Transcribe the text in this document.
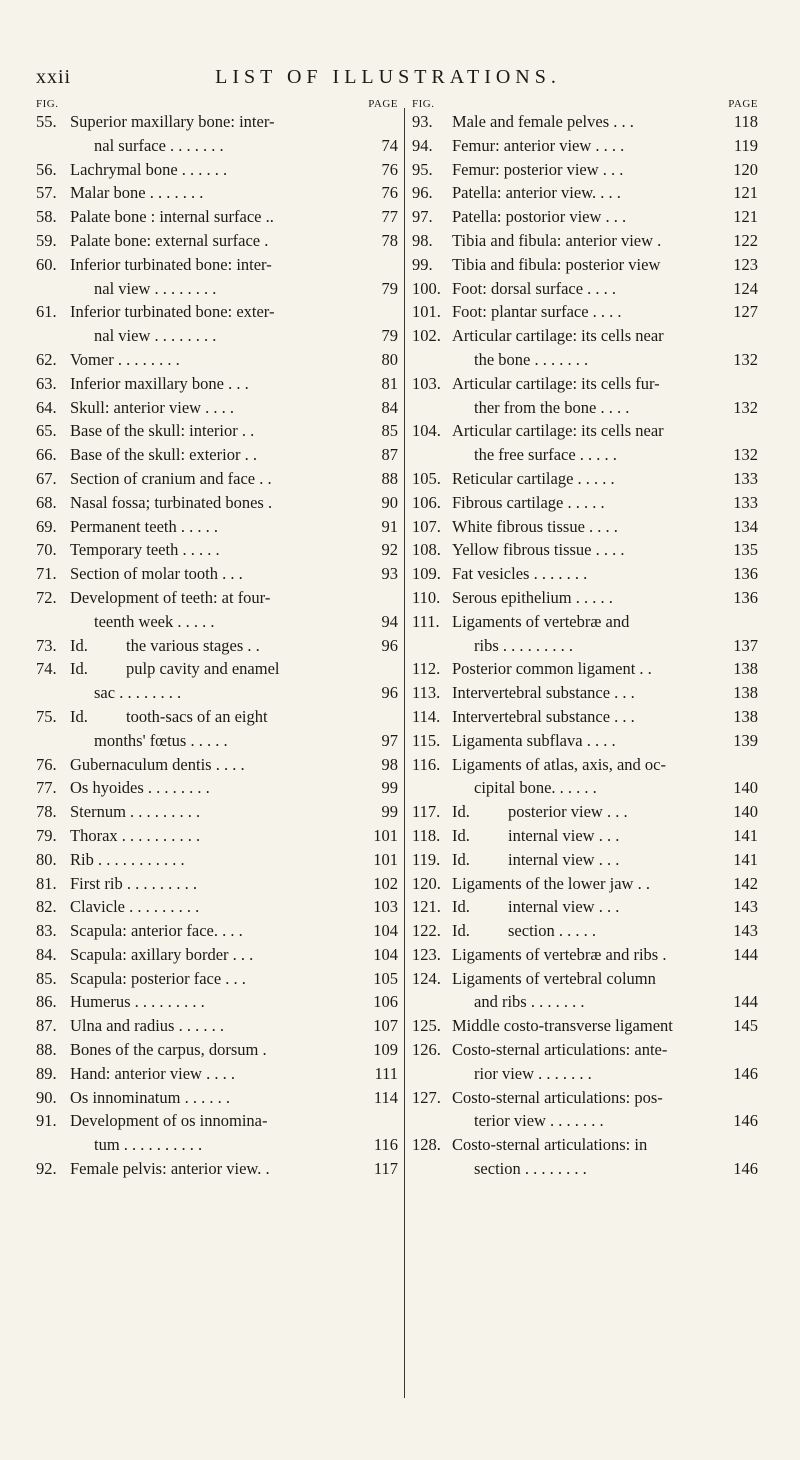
xxii	LIST OF ILLUSTRATIONS.
FIG.	PAGE
55. Superior maxillary bone: inter-
nal surface . . . . . . .	74
56. Lachrymal bone . . . . . .	76
57. Malar bone . . . . . . .	76
58. Palate bone : internal surface ..	77
59. Palate bone: external surface .	78
60. Inferior turbinated bone: inter-
nal view . . . . . . . .	79
61. Inferior turbinated bone: exter-
nal view . . . . . . . .	79
62. Vomer . . . . . . . .	80
63. Inferior maxillary bone . . .	81
64. Skull: anterior view . . . .	84
65. Base of the skull: interior . .	85
66. Base of the skull: exterior . .	87
67. Section of cranium and face . .	88
68. Nasal fossa; turbinated bones .	90
69. Permanent teeth . . . . .	91
70. Temporary teeth . . . . .	92
71. Section of molar tooth . . .	93
72. Development of teeth: at four-
teenth week . . . . .	94
73. Id. the various stages . .	96
74. Id. pulp cavity and enamel
sac . . . . . . . .	96
75. Id. tooth-sacs of an eight
months' fœtus . . . . .	97
76. Gubernaculum dentis . . . .	98
77. Os hyoides . . . . . . . .	99
78. Sternum . . . . . . . . .	99
79. Thorax . . . . . . . . . .	101
80. Rib . . . . . . . . . . .	101
81. First rib . . . . . . . . .	102
82. Clavicle . . . . . . . . .	103
83. Scapula: anterior face. . . .	104
84. Scapula: axillary border . . .	104
85. Scapula: posterior face . . .	105
86. Humerus . . . . . . . . .	106
87. Ulna and radius . . . . . .	107
88. Bones of the carpus, dorsum .	109
89. Hand: anterior view . . . .	111
90. Os innominatum . . . . . .	114
91. Development of os innomina-
tum . . . . . . . . . .	116
92. Female pelvis: anterior view. .	117
FIG.	PAGE
93.	Male and female pelves . . .	118
94.	Femur: anterior view . . . .	119
95.	Femur: posterior view . . .	120
96.	Patella: anterior view. . . .	121
97.	Patella: postorior view . . .	121
98.	Tibia and fibula: anterior view .	122
99.	Tibia and fibula: posterior view	123
100. Foot: dorsal surface . . . .	124
101. Foot: plantar surface . . . .	127
102. Articular cartilage: its cells near
the bone . . . . . . .	132
103. Articular cartilage: its cells fur-
ther from the bone . . . .	132
104. Articular cartilage: its cells near
the free surface . . . . .	132
105. Reticular cartilage . . . . .	133
106. Fibrous cartilage . . . . .	133
107. White fibrous tissue . . . .	134
108. Yellow fibrous tissue . . . .	135
109. Fat vesicles . . . . . . .	136
110. Serous epithelium . . . . .	136
111. Ligaments of vertebræ and
ribs . . . . . . . . .	137
112. Posterior common ligament . .	138
113. Intervertebral substance . . .	138
114. Intervertebral substance . . .	138
115. Ligamenta subflava . . . .	139
116. Ligaments of atlas, axis, and oc-
cipital bone. . . . . .	140
117. Id. posterior view . . .	140
118. Id. internal view . . .	141
119. Id. internal view . . .	141
120. Ligaments of the lower jaw . .	142
121. Id. internal view . . .	143
122. Id. section . . . . .	143
123. Ligaments of vertebræ and ribs .	144
124. Ligaments of vertebral column
and ribs . . . . . . .	144
125. Middle costo-transverse ligament	145
126. Costo-sternal articulations: ante-
rior view . . . . . . .	146
127. Costo-sternal articulations: pos-
terior view . . . . . . .	146
128. Costo-sternal articulations: in
section . . . . . . . .	146
